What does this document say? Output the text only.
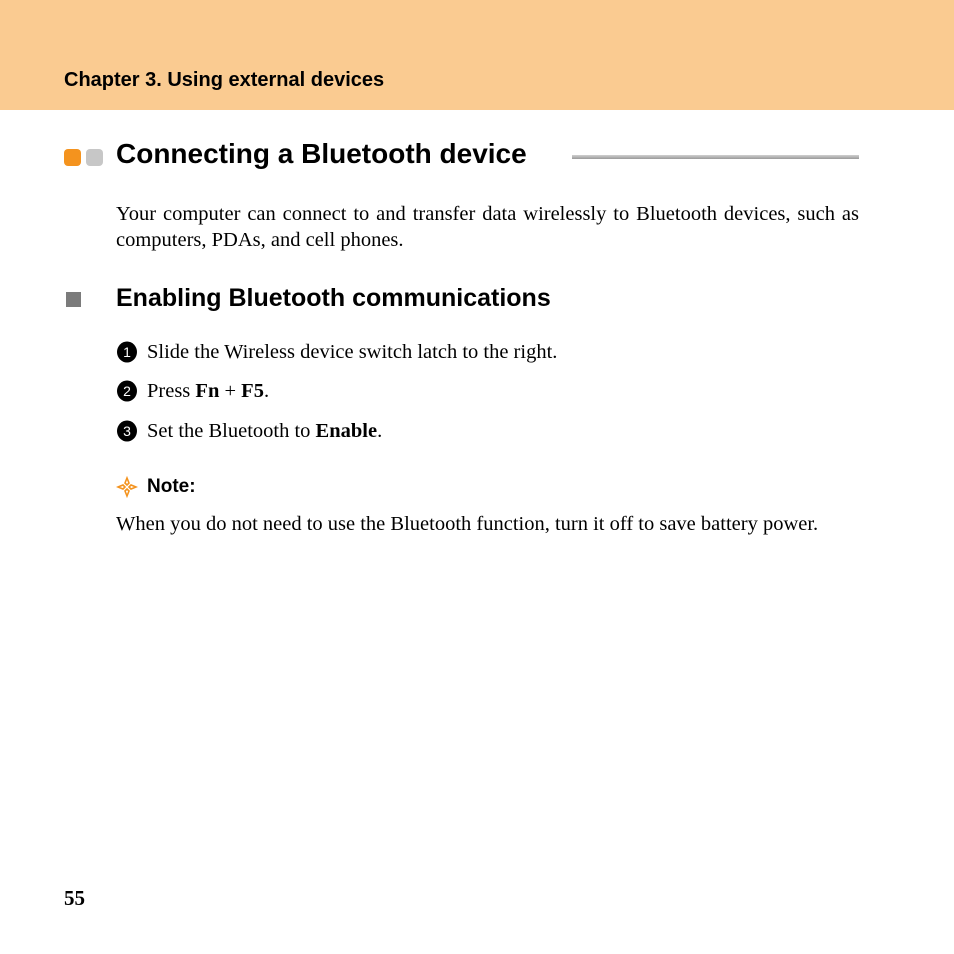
Chapter 3. Using external devices
Connecting a Bluetooth device
Your computer can connect to and transfer data wirelessly to Bluetooth devices, such as computers, PDAs, and cell phones.
Enabling Bluetooth communications
1 Slide the Wireless device switch latch to the right.
2 Press Fn + F5.
3 Set the Bluetooth to Enable.
Note:
When you do not need to use the Bluetooth function, turn it off to save battery power.
55
